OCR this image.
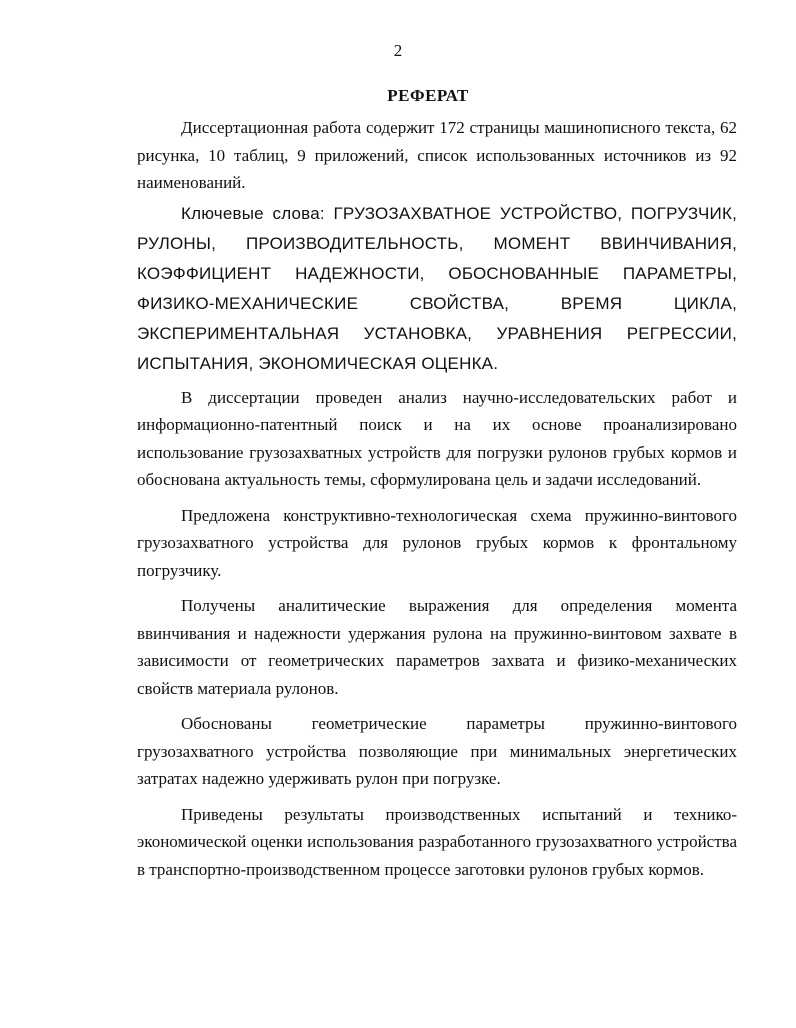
2
РЕФЕРАТ

Диссертационная работа содержит 172 страницы машинописного текста, 62 рисунка, 10 таблиц, 9 приложений, список использованных источников из 92 наименований.

Ключевые слова: ГРУЗОЗАХВАТНОЕ УСТРОЙСТВО, ПОГРУЗЧИК, РУЛОНЫ, ПРОИЗВОДИТЕЛЬНОСТЬ, МОМЕНТ ВВИНЧИВАНИЯ, КОЭФФИЦИЕНТ НАДЕЖНОСТИ, ОБОСНОВАННЫЕ ПАРАМЕТРЫ, ФИЗИКО-МЕХАНИЧЕСКИЕ СВОЙСТВА, ВРЕМЯ ЦИКЛА, ЭКСПЕРИМЕНТАЛЬНАЯ УСТАНОВКА, УРАВНЕНИЯ РЕГРЕССИИ, ИСПЫТАНИЯ, ЭКОНОМИЧЕСКАЯ ОЦЕНКА.

В диссертации проведен анализ научно-исследовательских работ и информационно-патентный поиск и на их основе проанализировано использование грузозахватных устройств для погрузки рулонов грубых кормов и обоснована актуальность темы, сформулирована цель и задачи исследований.

Предложена конструктивно-технологическая схема пружинно-винтового грузозахватного устройства для рулонов грубых кормов к фронтальному погрузчику.

Получены аналитические выражения для определения момента ввинчивания и надежности удержания рулона на пружинно-винтовом захвате в зависимости от геометрических параметров захвата и физико-механических свойств материала рулонов.

Обоснованы геометрические параметры пружинно-винтового грузозахватного устройства позволяющие при минимальных энергетических затратах надежно удерживать рулон при погрузке.

Приведены результаты производственных испытаний и технико-экономической оценки использования разработанного грузозахватного устройства в транспортно-производственном процессе заготовки рулонов грубых кормов.
